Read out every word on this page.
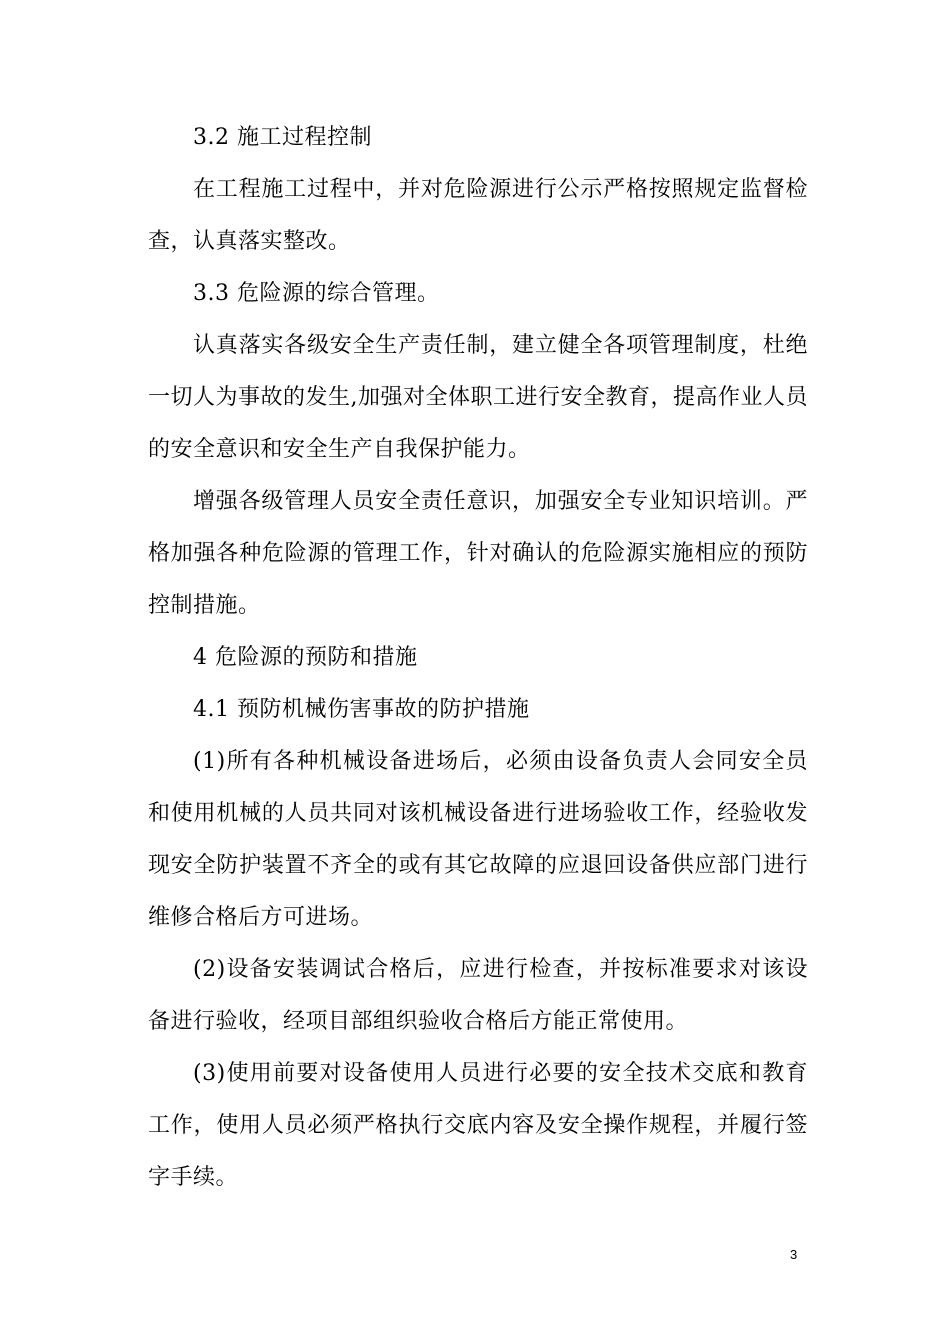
3.2 施工过程控制

在工程施工过程中，并对危险源进行公示严格按照规定监督检查，认真落实整改。

3.3 危险源的综合管理。

认真落实各级安全生产责任制，建立健全各项管理制度，杜绝一切人为事故的发生,加强对全体职工进行安全教育，提高作业人员的安全意识和安全生产自我保护能力。

增强各级管理人员安全责任意识，加强安全专业知识培训。严格加强各种危险源的管理工作，针对确认的危险源实施相应的预防控制措施。

4 危险源的预防和措施

4.1 预防机械伤害事故的防护措施

(1)所有各种机械设备进场后，必须由设备负责人会同安全员和使用机械的人员共同对该机械设备进行进场验收工作，经验收发现安全防护装置不齐全的或有其它故障的应退回设备供应部门进行维修合格后方可进场。

(2)设备安装调试合格后，应进行检查，并按标准要求对该设备进行验收，经项目部组织验收合格后方能正常使用。

(3)使用前要对设备使用人员进行必要的安全技术交底和教育工作，使用人员必须严格执行交底内容及安全操作规程，并履行签字手续。

3
